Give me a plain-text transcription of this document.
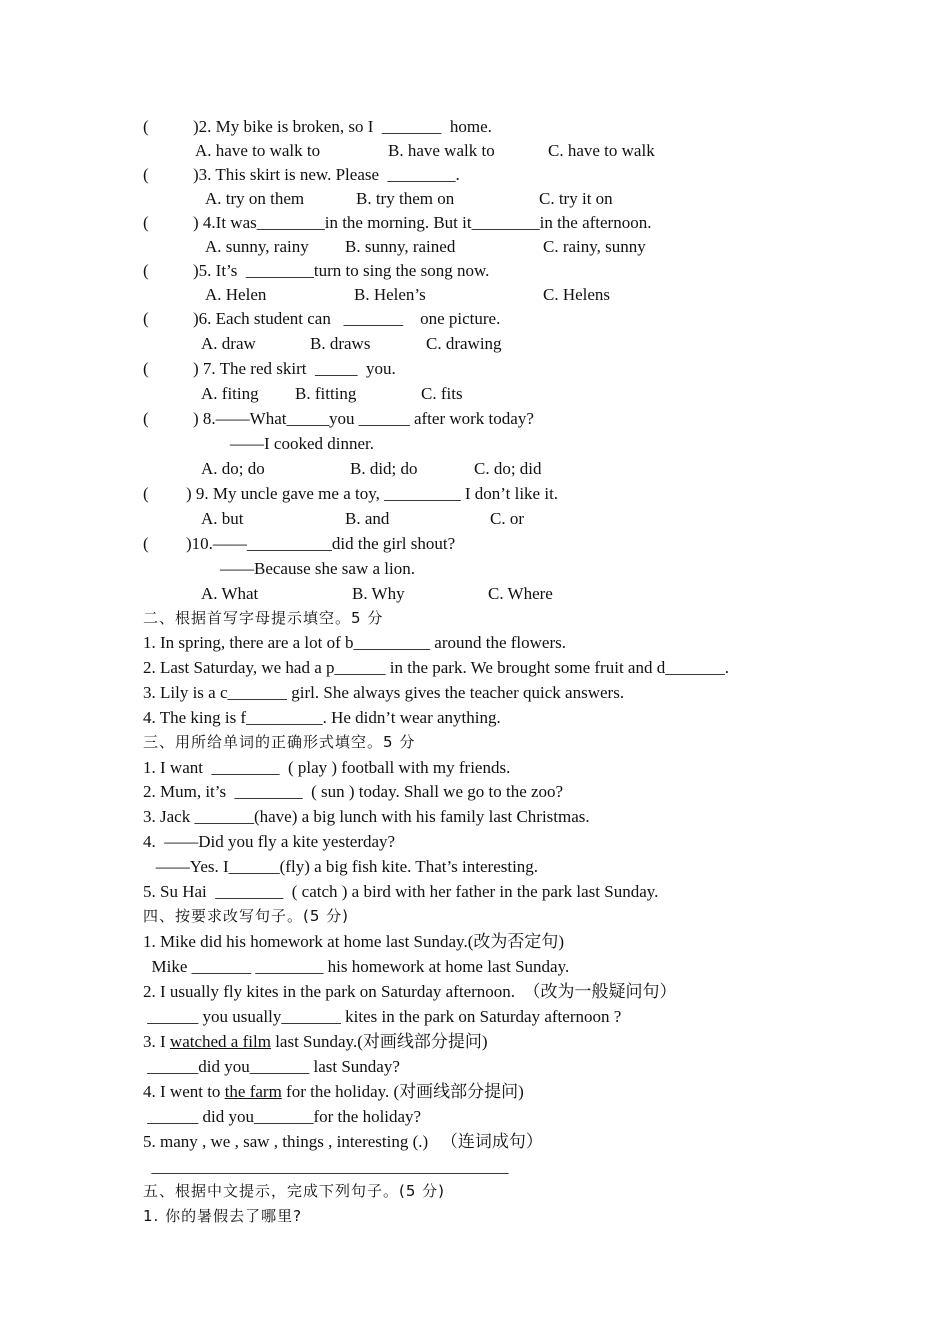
(	)2. My bike is broken, so I  _______  home.
A. have to walk to	B. have walk to	C. have to walk
(	)3. This skirt is new. Please  ________.
A. try on them	B. try them on	C. try it on
(	) 4.It was________in the morning. But it________in the afternoon.
A. sunny, rainy B. sunny, rained	C. rainy, sunny
(	)5. It’s  ________turn to sing the song now.
A. Helen	B. Helen’s	C. Helens
(	)6. Each student can   _______    one picture.
A. draw	B. draws	C. drawing
(	) 7. The red skirt  _____  you.
A. fiting B. fitting	C. fits
(	) 8.——What_____you ______ after work today?
——I cooked dinner.
A. do; do	B. did; do	C. do; did
( ) 9. My uncle gave me a toy, _________ I don’t like it.
A. but	B. and	C. or
( )10.——__________did the girl shout?
——Because she saw a lion.
A. What	B. Why	C. Where
二、根据首写字母提示填空。5 分
1. In spring, there are a lot of b_________ around the flowers.
2. Last Saturday, we had a p______ in the park. We brought some fruit and d_______.
3. Lily is a c_______ girl. She always gives the teacher quick answers.
4. The king is f_________. He didn’t wear anything.
三、用所给单词的正确形式填空。5 分
1. I want  ________  ( play ) football with my friends.
2. Mum, it’s  ________  ( sun ) today. Shall we go to the zoo?
3. Jack _______(have) a big lunch with his family last Christmas.
4.  ——Did you fly a kite yesterday?
——Yes. I______(fly) a big fish kite. That’s interesting.
5. Su Hai  ________  ( catch ) a bird with her father in the park last Sunday.
四、按要求改写句子。(5 分)
1. Mike did his homework at home last Sunday.(改为否定句)
Mike _______ ________ his homework at home last Sunday.
2. I usually fly kites in the park on Saturday afternoon.  （改为一般疑问句）
______ you usually_______ kites in the park on Saturday afternoon ?
3. I watched a film last Sunday.(对画线部分提问)
______did you_______ last Sunday?
4. I went to the farm for the holiday. (对画线部分提问)
______ did you_______for the holiday?
5. many , we , saw , things , interesting (.)   （连词成句）
__________________________________________
五、根据中文提示，完成下列句子。(5 分)
1. 你的暑假去了哪里?
